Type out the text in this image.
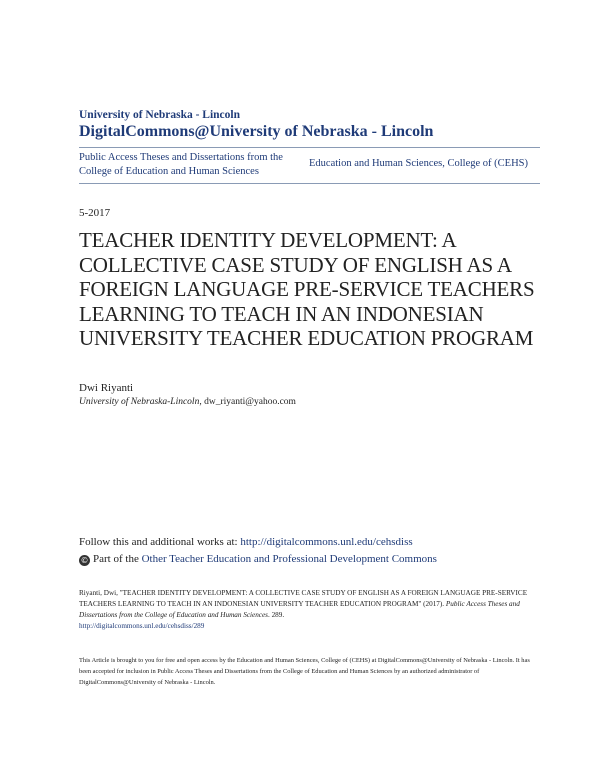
University of Nebraska - Lincoln
DigitalCommons@University of Nebraska - Lincoln
Public Access Theses and Dissertations from the College of Education and Human Sciences
Education and Human Sciences, College of (CEHS)
5-2017
TEACHER IDENTITY DEVELOPMENT: A COLLECTIVE CASE STUDY OF ENGLISH AS A FOREIGN LANGUAGE PRE-SERVICE TEACHERS LEARNING TO TEACH IN AN INDONESIAN UNIVERSITY TEACHER EDUCATION PROGRAM
Dwi Riyanti
University of Nebraska-Lincoln, dw_riyanti@yahoo.com
Follow this and additional works at: http://digitalcommons.unl.edu/cehsdiss
© Part of the Other Teacher Education and Professional Development Commons
Riyanti, Dwi, "TEACHER IDENTITY DEVELOPMENT: A COLLECTIVE CASE STUDY OF ENGLISH AS A FOREIGN LANGUAGE PRE-SERVICE TEACHERS LEARNING TO TEACH IN AN INDONESIAN UNIVERSITY TEACHER EDUCATION PROGRAM" (2017). Public Access Theses and Dissertations from the College of Education and Human Sciences. 289.
http://digitalcommons.unl.edu/cehsdiss/289
This Article is brought to you for free and open access by the Education and Human Sciences, College of (CEHS) at DigitalCommons@University of Nebraska - Lincoln. It has been accepted for inclusion in Public Access Theses and Dissertations from the College of Education and Human Sciences by an authorized administrator of DigitalCommons@University of Nebraska - Lincoln.
